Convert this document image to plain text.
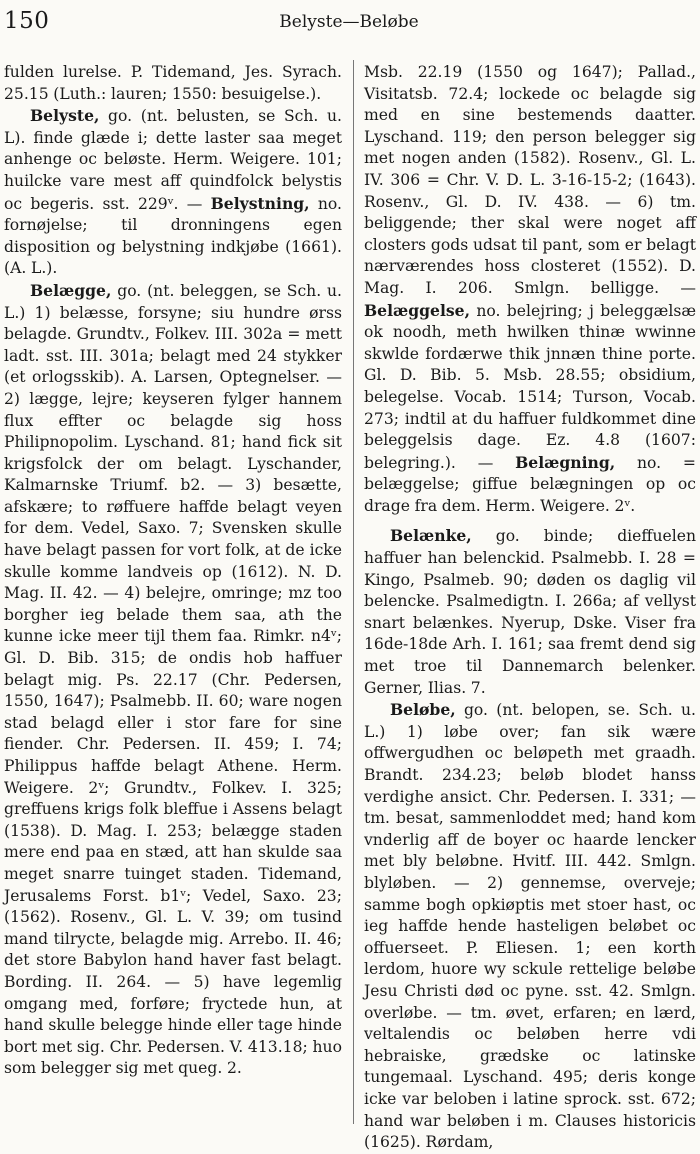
150	Belyste—Beløbe

fulden lurelse. P. Tidemand, Jes. Syrach. 25.15 (Luth.: lauren; 1550: besuigelse.).

Belyste, go. (nt. belusten, se Sch. u. L). finde glæde i; dette laster saa meget anhenge oc beløste. Herm. Weigere. 101; huilcke vare mest aff quindfolck belystis oc begeris. sst. 229ᵛ. — Belystning, no. fornøjelse; til dronningens egen disposition og belystning indkjøbe (1661). (A. L.).

Belægge, go. (nt. beleggen, se Sch. u. L.) 1) belæsse, forsyne; siu hundre ørss belagde. Grundtv., Folkev. III. 302a = mett ladt. sst. III. 301a; belagt med 24 stykker (et orlogsskib). A. Larsen, Optegnelser. — 2) lægge, lejre; keyseren fylger hannem flux effter oc belagde sig hoss Philipnopolim. Lyschand. 81; hand fick sit krigsfolck der om belagt. Lyschander, Kalmarnske Triumf. b2. — 3) besætte, afskære; to røffuere haffde belagt veyen for dem. Vedel, Saxo. 7; Svensken skulle have belagt passen for vort folk, at de icke skulle komme landveis op (1612). N. D. Mag. II. 42. — 4) belejre, omringe; mz too borgher ieg belade them saa, ath the kunne icke meer tijl them faa. Rimkr. n4ᵛ; Gl. D. Bib. 315; de ondis hob haffuer belagt mig. Ps. 22.17 (Chr. Pedersen, 1550, 1647); Psalmebb. II. 60; ware nogen stad belagd eller i stor fare for sine fiender. Chr. Pedersen. II. 459; I. 74; Philippus haffde belagt Athene. Herm. Weigere. 2ᵛ; Grundtv., Folkev. I. 325; greffuens krigs folk bleffue i Assens belagt (1538). D. Mag. I. 253; belægge staden mere end paa en stæd, att han skulde saa meget snarre tuinget staden. Tidemand, Jerusalems Forst. b1ᵛ; Vedel, Saxo. 23; (1562). Rosenv., Gl. L. V. 39; om tusind mand tilrycte, belagde mig. Arrebo. II. 46; det store Babylon hand haver fast belagt. Bording. II. 264. — 5) have legemlig omgang med, forføre; fryctede hun, at hand skulle belegge hinde eller tage hinde bort met sig. Chr. Pedersen. V. 413.18; huo som belegger sig met queg. 2.

Msb. 22.19 (1550 og 1647); Pallad., Visitatsb. 72.4; lockede oc belagde sig med en sine bestemends daatter. Lyschand. 119; den person belegger sig met nogen anden (1582). Rosenv., Gl. L. IV. 306 = Chr. V. D. L. 3-16-15-2; (1643). Rosenv., Gl. D. IV. 438. — 6) tm. beliggende; ther skal were noget aff closters gods udsat til pant, som er belagt nærværendes hoss closteret (1552). D. Mag. I. 206. Smlgn. belligge. — Belæggelse, no. belejring; j beleggælsæ ok noodh, meth hwilken thinæ wwinne skwlde fordærwe thik jnnæn thine porte. Gl. D. Bib. 5. Msb. 28.55; obsidium, belegelse. Vocab. 1514; Turson, Vocab. 273; indtil at du haffuer fuldkommet dine beleggelsis dage. Ez. 4.8 (1607: belegring.). — Belægning, no. = belæggelse; giffue belægningen op oc drage fra dem. Herm. Weigere. 2ᵛ.

Belænke, go. binde; dieffuelen haffuer han belenckid. Psalmebb. I. 28 = Kingo, Psalmeb. 90; døden os daglig vil belencke. Psalmedigtn. I. 266a; af vellyst snart belænkes. Nyerup, Dske. Viser fra 16de-18de Arh. I. 161; saa fremt dend sig met troe til Dannemarch belenker. Gerner, Ilias. 7.

Beløbe, go. (nt. belopen, se. Sch. u. L.) 1) løbe over; fan sik wære offwergudhen oc beløpeth met graadh. Brandt. 234.23; beløb blodet hanss verdighe ansict. Chr. Pedersen. I. 331; — tm. besat, sammenloddet med; hand kom vnderlig aff de boyer oc haarde lencker met bly beløbne. Hvitf. III. 442. Smlgn. blyløben. — 2) gennemse, overveje; samme bogh opkiøptis met stoer hast, oc ieg haffde hende hasteligen beløbet oc offuerseet. P. Eliesen. 1; een korth lerdom, huore wy sckule rettelige beløbe Jesu Christi død oc pyne. sst. 42. Smlgn. overløbe. — tm. øvet, erfaren; en lærd, veltalendis oc beløben herre vdi hebraiske, grædske oc latinske tungemaal. Lyschand. 495; deris konge icke var beloben i latine sprock. sst. 672; hand war beløben i m. Clauses historicis (1625). Rørdam,
